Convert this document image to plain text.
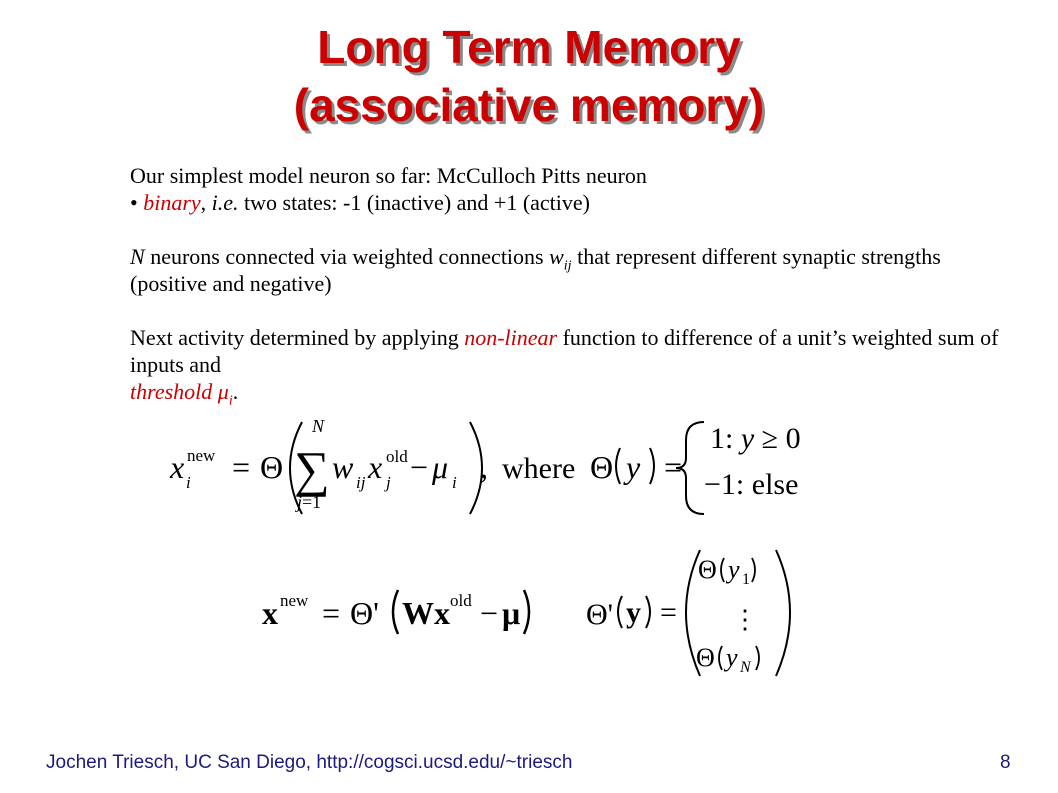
Long Term Memory
(associative memory)

Our simplest model neuron so far: McCulloch Pitts neuron

• binary, i.e. two states: -1 (inactive) and +1 (active)

N neurons connected via weighted connections $w_{ij}$ that represent different synaptic strengths (positive and negative)

Next activity determined by applying non-linear function to difference of a unit’s weighted sum of inputs and
threshold $\mu_i$.

x new
i = Θ
N
∑
j=1
w ij x old
j − μ i , where Θ y =
1: y ≥ 0
−1: else
x new = Θ' Wx old − μ Θ' y =
Θ y 1
⋮
Θ y N
Jochen Triesch, UC San Diego, http://cogsci.ucsd.edu/~triesch	8
